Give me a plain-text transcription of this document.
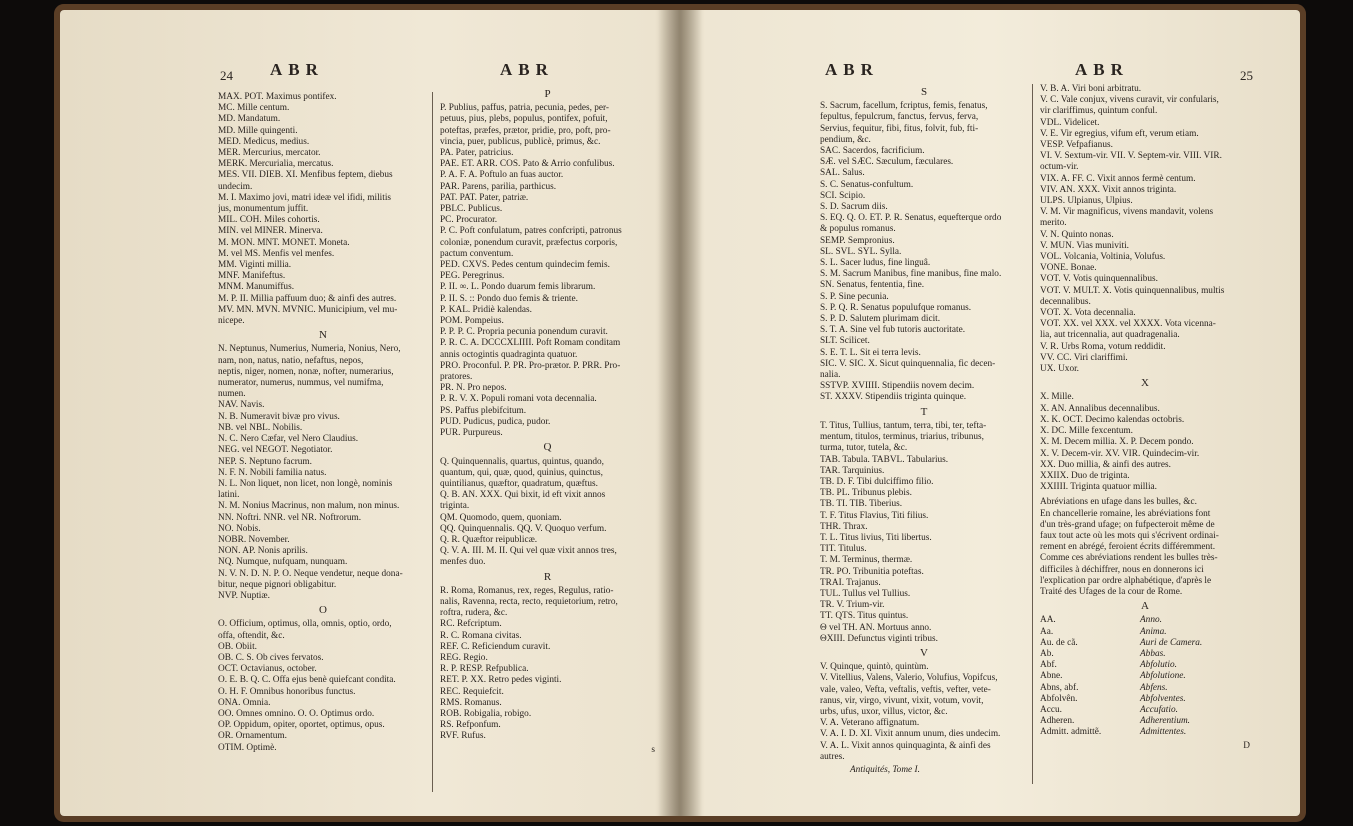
24 ABR	ABR
MAX. POT. Maximus pontifex.
MC. Mille centum.
MD. Mandatum.
MD. Mille quingenti.
MED. Medicus, medius.
MER. Mercurius, mercator.
MERK. Mercurialia, mercatus.
MES. VII. DIEB. XI. Menfibus feptem, diebus
undecim.
M. I. Maximo jovi, matri ideæ vel ifidi, militis
jus, monumentum juffit.
MIL. COH. Miles cohortis.
MIN. vel MINER. Minerva.
M. MON. MNT. MONET. Moneta.
M. vel MS. Menfis vel menfes.
MM. Viginti millia.
MNF. Manifeftus.
MNM. Manumiffus.
M. P. II. Millia paffuum duo; & ainfi des autres.
MV. MN. MVN. MVNIC. Municipium, vel mu-
nicepe.
N
N. Neptunus, Numerius, Numeria, Nonius, Nero,
nam, non, natus, natio, nefaftus, nepos,
neptis, niger, nomen, nonæ, nofter, numerarius,
numerator, numerus, nummus, vel numifma,
numen.
NAV. Navis.
N. B. Numeravit bivæ pro vivus.
NB. vel NBL. Nobilis.
N. C. Nero Cæfar, vel Nero Claudius.
NEG. vel NEGOT. Negotiator.
NEP. S. Neptuno facrum.
N. F. N. Nobili familia natus.
N. L. Non liquet, non licet, non longè, nominis
latini.
N. M. Nonius Macrinus, non malum, non minus.
NN. Noftri. NNR. vel NR. Noftrorum.
NO. Nobis.
NOBR. November.
NON. AP. Nonis aprilis.
NQ. Numque, nufquam, nunquam.
N. V. N. D. N. P. O. Neque vendetur, neque dona-
bitur, neque pignori obligabitur.
NVP. Nuptiæ.
O
O. Officium, optimus, olla, omnis, optio, ordo,
offa, oftendit, &c.
OB. Obiit.
OB. C. S. Ob cives fervatos.
OCT. Octavianus, october.
O. E. B. Q. C. Offa ejus benè quiefcant condita.
O. H. F. Omnibus honoribus functus.
ONA. Omnia.
OO. Omnes omnino. O. O. Optimus ordo.
OP. Oppidum, opiter, oportet, optimus, opus.
OR. Ornamentum.
OTIM. Optimè.
P
P. Publius, paffus, patria, pecunia, pedes, per-
petuus, pius, plebs, populus, pontifex, pofuit,
poteftas, præfes, prætor, pridie, pro, poft, pro-
vincia, puer, publicus, publicè, primus, &c.
PA. Pater, patricius.
PAE. ET. ARR. COS. Pato & Arrio confulibus.
P. A. F. A. Poftulo an fuas auctor.
PAR. Parens, parilia, parthicus.
PAT. PAT. Pater, patriæ.
PBLC. Publicus.
PC. Procurator.
P. C. Poft confulatum, patres confcripti, patronus
coloniæ, ponendum curavit, præfectus corporis,
pactum conventum.
PED. CXVS. Pedes centum quindecim femis.
PEG. Peregrinus.
P. II. ∞. L. Pondo duarum femis librarum.
P. II. S. :: Pondo duo femis & triente.
P. KAL. Pridiè kalendas.
POM. Pompeius.
P. P. P. C. Propria pecunia ponendum curavit.
P. R. C. A. DCCCXLIIII. Poft Romam conditam
annis octogintis quadraginta quatuor.
PRO. Proconful. P. PR. Pro-prætor. P. PRR. Pro-
pratores.
PR. N. Pro nepos.
P. R. V. X. Populi romani vota decennalia.
PS. Paffus plebifcitum.
PUD. Pudicus, pudica, pudor.
PUR. Purpureus.
Q
Q. Quinquennalis, quartus, quintus, quando,
quantum, qui, quæ, quod, quinius, quinctus,
quintilianus, quæftor, quadratum, quæftus.
Q. B. AN. XXX. Qui bixit, id eft vixit annos
triginta.
QM. Quomodo, quem, quoniam.
QQ. Quinquennalis. QQ. V. Quoquo verfum.
Q. R. Quæftor reipublicæ.
Q. V. A. III. M. II. Qui vel quæ vixit annos tres,
menfes duo.
R
R. Roma, Romanus, rex, reges, Regulus, ratio-
nalis, Ravenna, recta, recto, requietorium, retro,
roftra, rudera, &c.
RC. Refcriptum.
R. C. Romana civitas.
REF. C. Reficiendum curavit.
REG. Regio.
R. P. RESP. Refpublica.
RET. P. XX. Retro pedes viginti.
REC. Requiefcit.
RMS. Romanus.
ROB. Robigalia, robigo.
RS. Refponfum.
RVF. Rufus.
s
ABR	ABR	25
S
S. Sacrum, facellum, fcriptus, femis, fenatus,
fepultus, fepulcrum, fanctus, fervus, ferva,
Servius, fequitur, fibi, fitus, folvit, fub, fti-
pendium, &c.
SAC. Sacerdos, facrificium.
SÆ. vel SÆC. Sæculum, fæculares.
SAL. Salus.
S. C. Senatus-confultum.
SCI. Scipio.
S. D. Sacrum diis.
S. EQ. Q. O. ET. P. R. Senatus, equefterque ordo
& populus romanus.
SEMP. Sempronius.
SL. SVL. SYL. Sylla.
S. L. Sacer ludus, fine linguâ.
S. M. Sacrum Manibus, fine manibus, fine malo.
SN. Senatus, fententia, fine.
S. P. Sine pecunia.
S. P. Q. R. Senatus populufque romanus.
S. P. D. Salutem plurimam dicit.
S. T. A. Sine vel fub tutoris auctoritate.
SLT. Scilicet.
S. E. T. L. Sit ei terra levis.
SIC. V. SIC. X. Sicut quinquennalia, fic decen-
nalia.
SSTVP. XVIIII. Stipendiis novem decim.
ST. XXXV. Stipendiis triginta quinque.
T
T. Titus, Tullius, tantum, terra, tibi, ter, tefta-
mentum, titulos, terminus, triarius, tribunus,
turma, tutor, tutela, &c.
TAB. Tabula. TABVL. Tabularius.
TAR. Tarquinius.
TB. D. F. Tibi dulciffimo filio.
TB. PL. Tribunus plebis.
TB. TI. TIB. Tiberius.
T. F. Titus Flavius, Titi filius.
THR. Thrax.
T. L. Titus livius, Titi libertus.
TIT. Titulus.
T. M. Terminus, thermæ.
TR. PO. Tribunitia poteftas.
TRAI. Trajanus.
TUL. Tullus vel Tullius.
TR. V. Trium-vir.
TT. QTS. Titus quintus.
Θ vel TH. AN. Mortuus anno.
ΘXIII. Defunctus viginti tribus.
V
V. Quinque, quintò, quintùm.
V. Vitellius, Valens, Valerio, Volufius, Vopifcus,
vale, valeo, Vefta, veftalis, veftis, vefter, vete-
ranus, vir, virgo, vivunt, vixit, votum, vovit,
urbs, ufus, uxor, villus, victor, &c.
V. A. Veterano affignatum.
V. A. I. D. XI. Vixit annum unum, dies undecim.
V. A. L. Vixit annos quinquaginta, & ainfi des
autres.
Antiquités, Tome I.
V. B. A. Viri boni arbitratu.
V. C. Vale conjux, vivens curavit, vir confularis,
vir clariffimus, quintum conful.
VDL. Videlicet.
V. E. Vir egregius, vifum eft, verum etiam.
VESP. Vefpafianus.
VI. V. Sextum-vir. VII. V. Septem-vir. VIII. VIR.
octum-vir.
VIX. A. FF. C. Vixit annos fermè centum.
VIV. AN. XXX. Vixit annos triginta.
ULPS. Ulpianus, Ulpius.
V. M. Vir magnificus, vivens mandavit, volens
merito.
V. N. Quinto nonas.
V. MUN. Vias muniviti.
VOL. Volcania, Voltinia, Volufus.
VONE. Bonae.
VOT. V. Votis quinquennalibus.
VOT. V. MULT. X. Votis quinquennalibus, multis
decennalibus.
VOT. X. Vota decennalia.
VOT. XX. vel XXX. vel XXXX. Vota vicenna-
lia, aut tricennalia, aut quadragenalia.
V. R. Urbs Roma, votum reddidit.
VV. CC. Viri clariffimi.
UX. Uxor.
X
X. Mille.
X. AN. Annalibus decennalibus.
X. K. OCT. Decimo kalendas octobris.
X. DC. Mille fexcentum.
X. M. Decem millia. X. P. Decem pondo.
X. V. Decem-vir. XV. VIR. Quindecim-vir.
XX. Duo millia, & ainfi des autres.
XXIIX. Duo de triginta.
XXIIII. Triginta quatuor millia.
Abréviations en ufage dans les bulles, &c.
En chancellerie romaine, les abréviations font
d'un très-grand ufage; on fufpecteroit même de
faux tout acte où les mots qui s'écrivent ordinai-
rement en abrégé, feroient écrits différemment.
Comme ces abréviations rendent les bulles très-
difficiles à déchiffrer, nous en donnerons ici
l'explication par ordre alphabétique, d'après le
Traité des Ufages de la cour de Rome.
A
AA.	Anno.
Aa.	Anima.
Au. de cã.	Auri de Camera.
Ab.	Abbas.
Abf.	Abfolutio.
Abne.	Abfolutione.
Abns, abf.	Abfens.
Abfolvên.	Abfolventes.
Accu.	Accufatio.
Adheren.	Adherentium.
Admitt. admittẽ.	Admittentes.
D
